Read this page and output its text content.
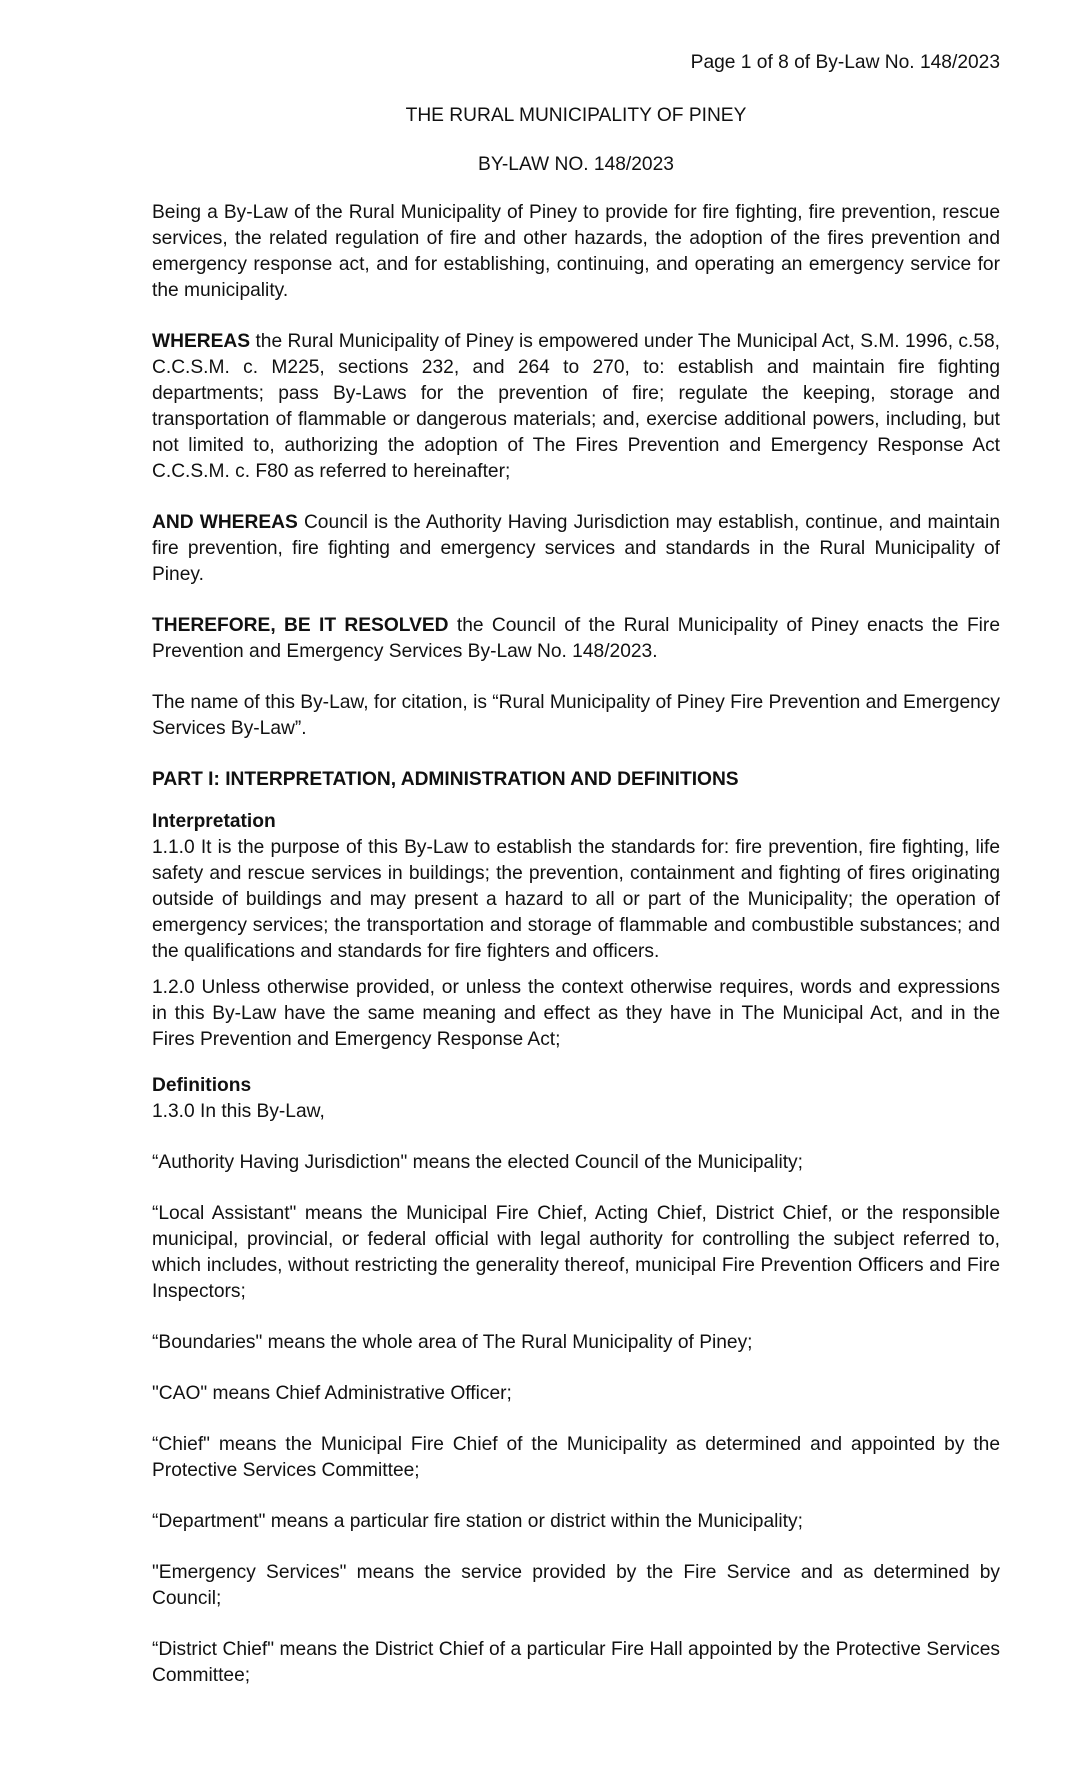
Page 1 of 8 of By-Law No. 148/2023
THE RURAL MUNICIPALITY OF PINEY
BY-LAW NO. 148/2023

Being a By-Law of the Rural Municipality of Piney to provide for fire fighting, fire prevention, rescue services, the related regulation of fire and other hazards, the adoption of the fires prevention and emergency response act, and for establishing, continuing, and operating an emergency service for the municipality.

WHEREAS the Rural Municipality of Piney is empowered under The Municipal Act, S.M. 1996, c.58, C.C.S.M. c. M225, sections 232, and 264 to 270, to: establish and maintain fire fighting departments; pass By-Laws for the prevention of fire; regulate the keeping, storage and transportation of flammable or dangerous materials; and, exercise additional powers, including, but not limited to, authorizing the adoption of The Fires Prevention and Emergency Response Act C.C.S.M. c. F80 as referred to hereinafter;

AND WHEREAS Council is the Authority Having Jurisdiction may establish, continue, and maintain fire prevention, fire fighting and emergency services and standards in the Rural Municipality of Piney.

THEREFORE, BE IT RESOLVED the Council of the Rural Municipality of Piney enacts the Fire Prevention and Emergency Services By-Law No. 148/2023.

The name of this By-Law, for citation, is “Rural Municipality of Piney Fire Prevention and Emergency Services By-Law”.

PART I: INTERPRETATION, ADMINISTRATION AND DEFINITIONS

Interpretation

1.1.0 It is the purpose of this By-Law to establish the standards for: fire prevention, fire fighting, life safety and rescue services in buildings; the prevention, containment and fighting of fires originating outside of buildings and may present a hazard to all or part of the Municipality; the operation of emergency services; the transportation and storage of flammable and combustible substances; and the qualifications and standards for fire fighters and officers.

1.2.0 Unless otherwise provided, or unless the context otherwise requires, words and expressions in this By-Law have the same meaning and effect as they have in The Municipal Act, and in the Fires Prevention and Emergency Response Act;

Definitions

1.3.0 In this By-Law,

“Authority Having Jurisdiction" means the elected Council of the Municipality;

“Local Assistant" means the Municipal Fire Chief, Acting Chief, District Chief, or the responsible municipal, provincial, or federal official with legal authority for controlling the subject referred to, which includes, without restricting the generality thereof, municipal Fire Prevention Officers and Fire Inspectors;

“Boundaries" means the whole area of The Rural Municipality of Piney;

"CAO" means Chief Administrative Officer;

“Chief" means the Municipal Fire Chief of the Municipality as determined and appointed by the Protective Services Committee;

“Department" means a particular fire station or district within the Municipality;

"Emergency Services" means the service provided by the Fire Service and as determined by Council;

“District Chief" means the District Chief of a particular Fire Hall appointed by the Protective Services Committee;
